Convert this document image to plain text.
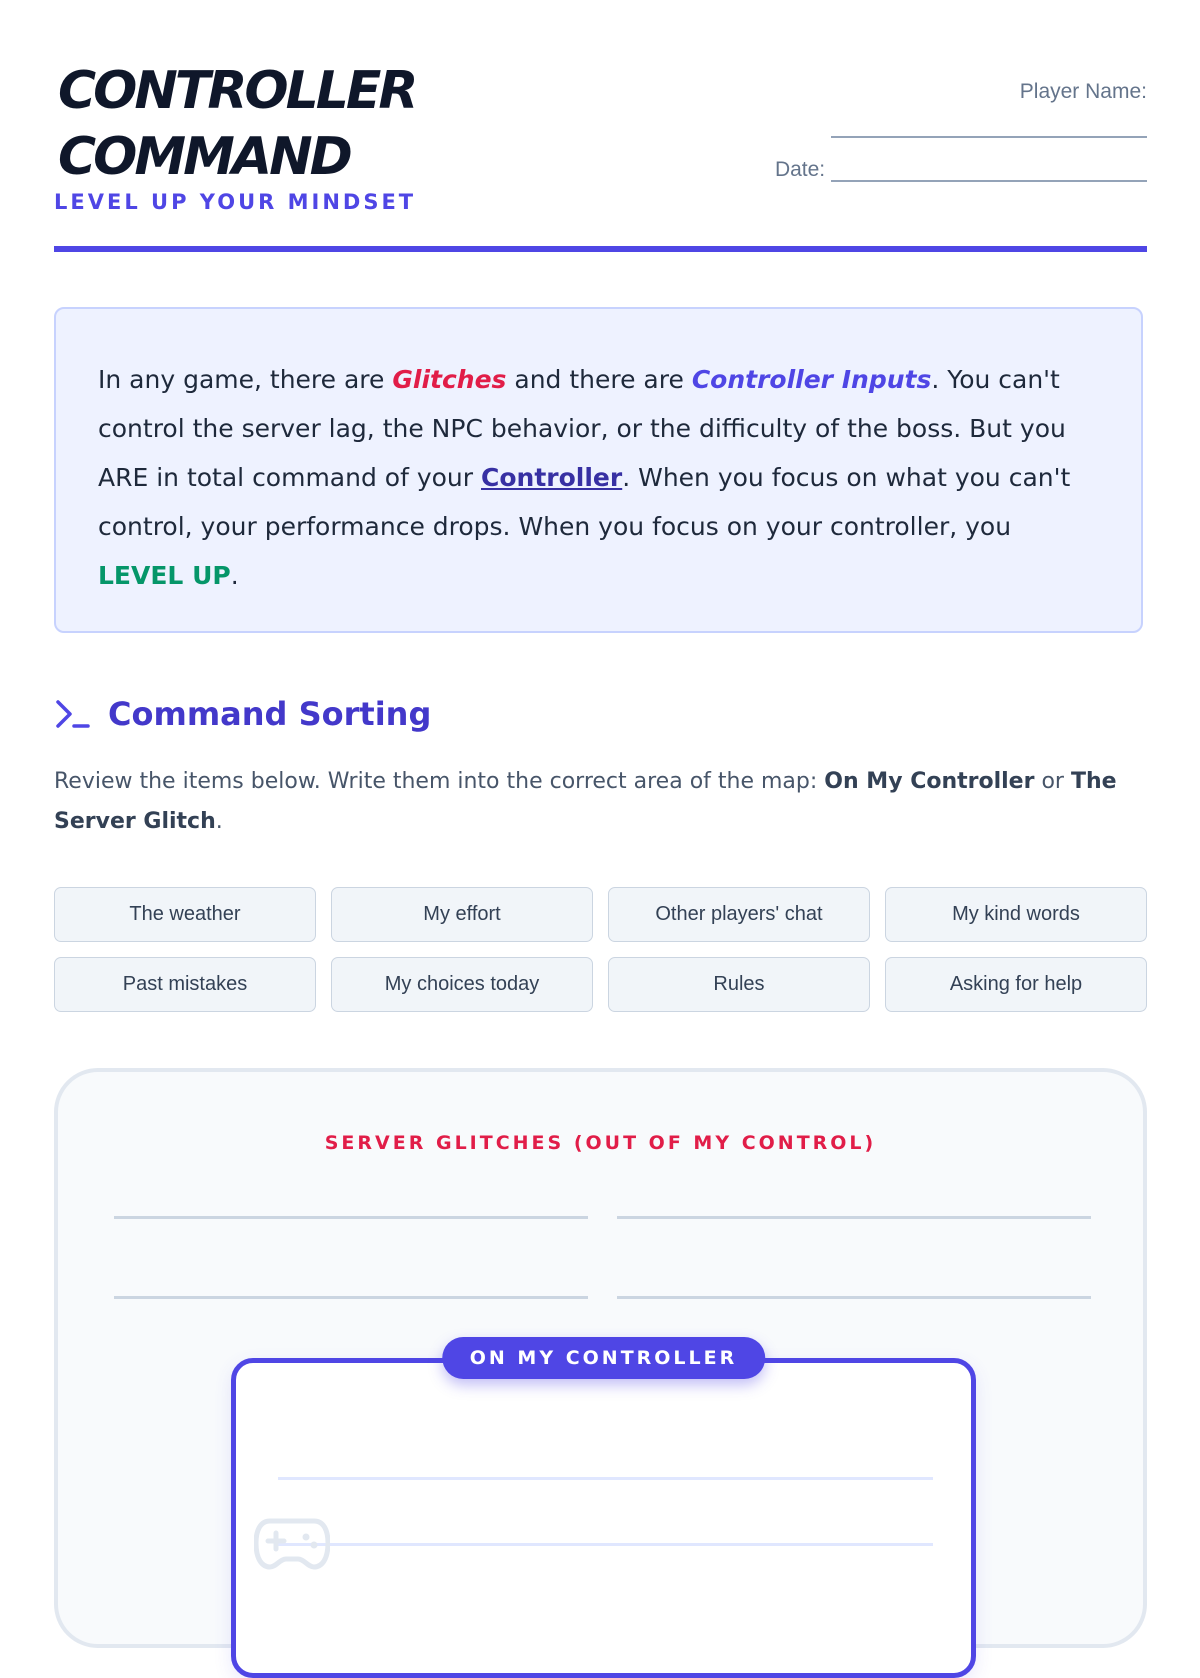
CONTROLLER
COMMAND
LEVEL UP YOUR MINDSET
Player Name:
Date:
In any game, there are Glitches and there are Controller Inputs. You can't control the server lag, the NPC behavior, or the difficulty of the boss. But you ARE in total command of your Controller. When you focus on what you can't control, your performance drops. When you focus on your controller, you LEVEL UP.
Command Sorting
Review the items below. Write them into the correct area of the map: On My Controller or The Server Glitch.
The weather	My effort	Other players' chat	My kind words
Past mistakes	My choices today	Rules	Asking for help
SERVER GLITCHES (OUT OF MY CONTROL)
ON MY CONTROLLER
